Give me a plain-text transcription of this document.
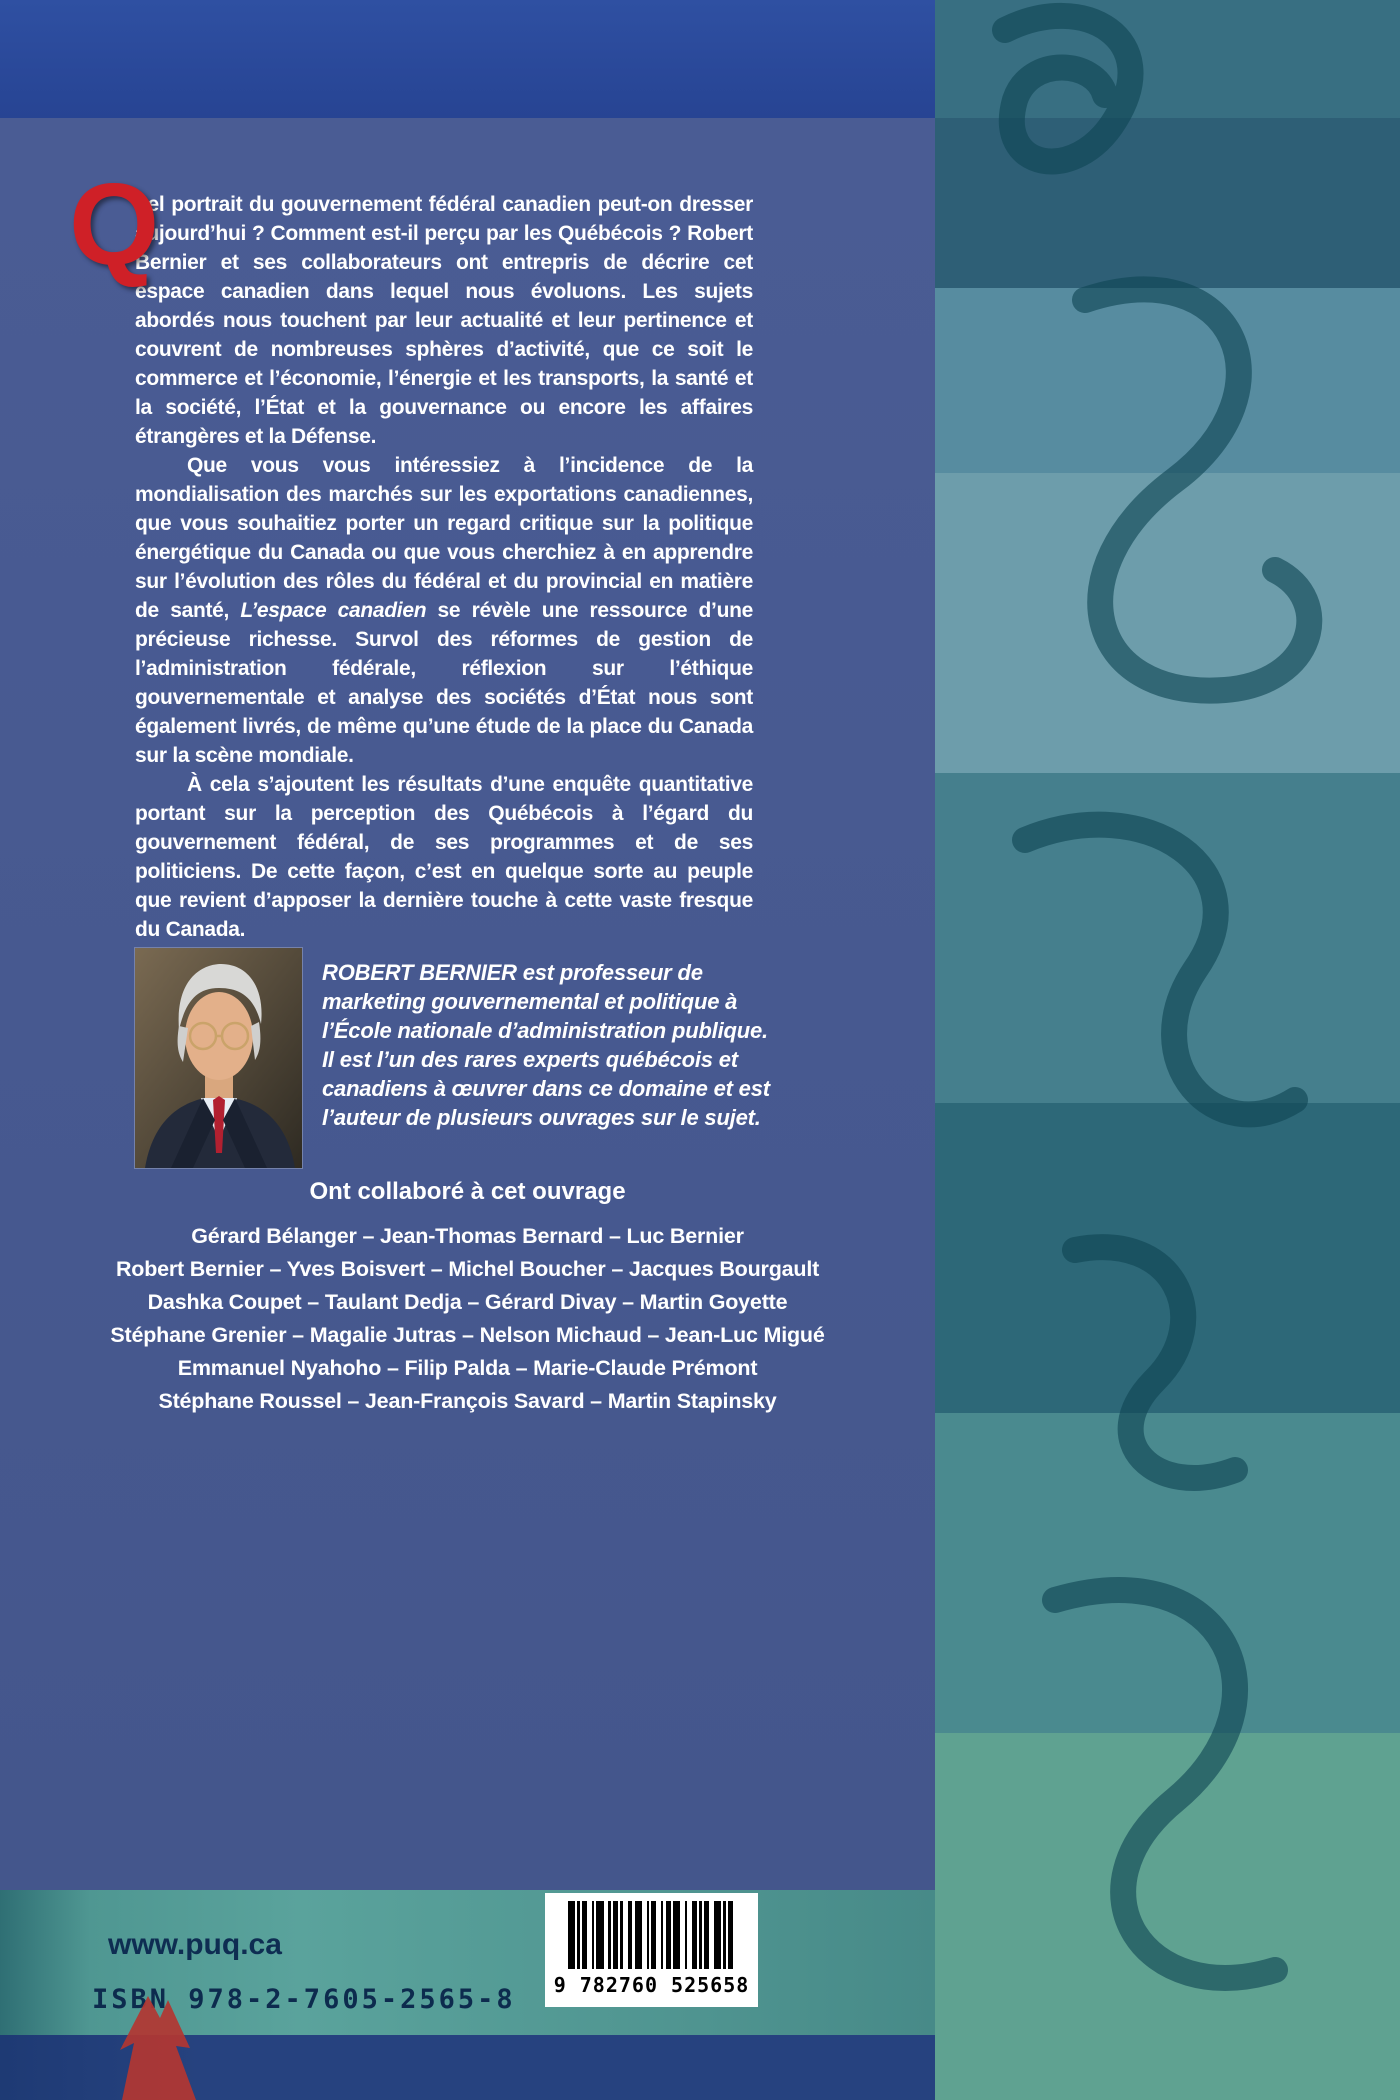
Q

uel portrait du gouvernement fédéral canadien peut-on dresser aujourd’hui ? Comment est-il perçu par les Québécois ? Robert Bernier et ses collaborateurs ont entrepris de décrire cet espace canadien dans lequel nous évoluons. Les sujets abordés nous touchent par leur actualité et leur pertinence et couvrent de nombreuses sphères d’activité, que ce soit le commerce et l’économie, l’énergie et les transports, la santé et la société, l’État et la gouvernance ou encore les affaires étrangères et la Défense.

Que vous vous intéressiez à l’incidence de la mondialisation des marchés sur les exportations canadiennes, que vous souhaitiez porter un regard critique sur la politique énergétique du Canada ou que vous cherchiez à en apprendre sur l’évolution des rôles du fédéral et du provincial en matière de santé, L’espace canadien se révèle une ressource d’une précieuse richesse. Survol des réformes de gestion de l’administration fédérale, réflexion sur l’éthique gouvernementale et analyse des sociétés d’État nous sont également livrés, de même qu’une étude de la place du Canada sur la scène mondiale.

À cela s’ajoutent les résultats d’une enquête quantitative portant sur la perception des Québécois à l’égard du gouvernement fédéral, de ses programmes et de ses politiciens. De cette façon, c’est en quelque sorte au peuple que revient d’apposer la dernière touche à cette vaste fresque du Canada.

ROBERT BERNIER est professeur de marketing gouvernemental et politique à l’École nationale d’administration publique. Il est l’un des rares experts québécois et canadiens à œuvrer dans ce domaine et est l’auteur de plusieurs ouvrages sur le sujet.
Ont collaboré à cet ouvrage
Gérard Bélanger – Jean-Thomas Bernard – Luc Bernier
Robert Bernier – Yves Boisvert – Michel Boucher – Jacques Bourgault
Dashka Coupet – Taulant Dedja – Gérard Divay – Martin Goyette
Stéphane Grenier – Magalie Jutras – Nelson Michaud – Jean-Luc Migué
Emmanuel Nyahoho – Filip Palda – Marie-Claude Prémont
Stéphane Roussel – Jean-François Savard – Martin Stapinsky
www.puq.ca
ISBN 978-2-7605-2565-8 9 782760 525658
